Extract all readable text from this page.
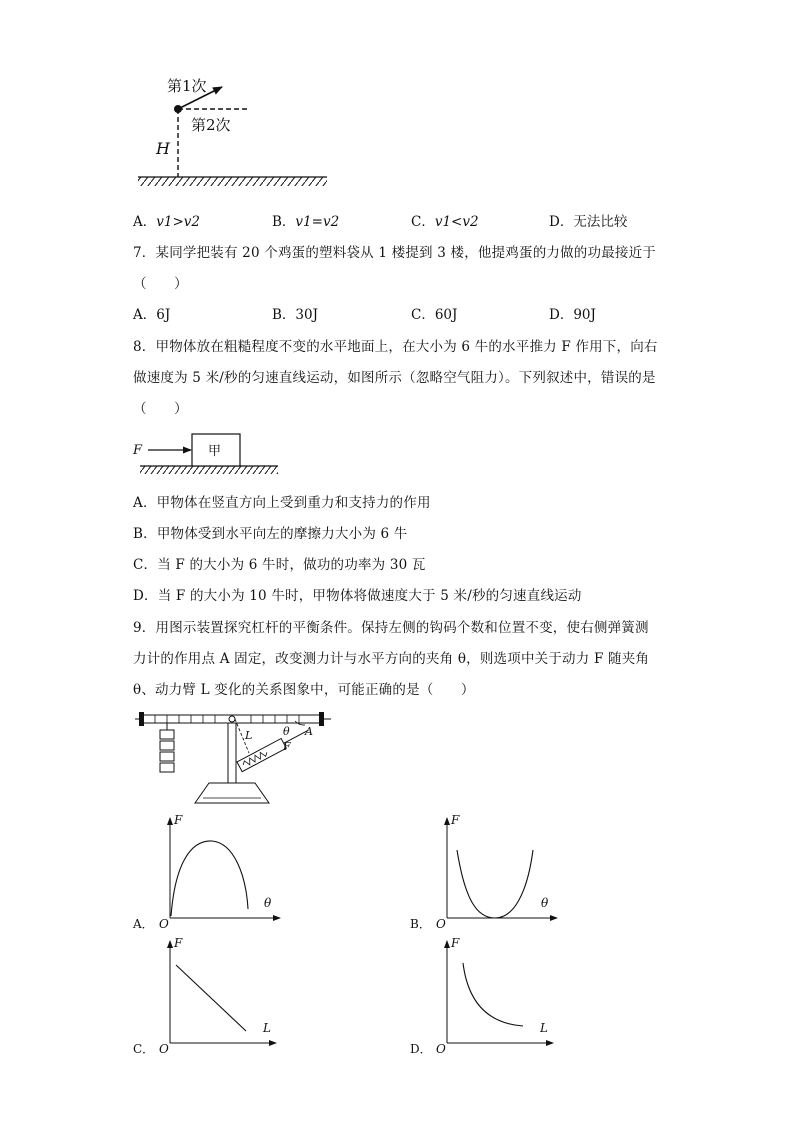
第1次
第2次
H
A．v1>v2	B．v1=v2	C．v1<v2	D．无法比较
7．某同学把装有 20 个鸡蛋的塑料袋从 1 楼提到 3 楼，他提鸡蛋的力做的功最接近于
（　　）
A．6J	B．30J	C．60J	D．90J
8．甲物体放在粗糙程度不变的水平地面上，在大小为 6 牛的水平推力 F 作用下，向右
做速度为 5 米/秒的匀速直线运动，如图所示（忽略空气阻力）。下列叙述中，错误的是
（　　）
甲
F
A．甲物体在竖直方向上受到重力和支持力的作用
B．甲物体受到水平向左的摩擦力大小为 6 牛
C．当 F 的大小为 6 牛时，做功的功率为 30 瓦
D．当 F 的大小为 10 牛时，甲物体将做速度大于 5 米/秒的匀速直线运动
9．用图示装置探究杠杆的平衡条件。保持左侧的钩码个数和位置不变，使右侧弹簧测
力计的作用点 A 固定，改变测力计与水平方向的夹角 θ，则选项中关于动力 F 随夹角
θ、动力臂 L 变化的关系图象中，可能正确的是（　　）
L	θ A
F
F
θ
O
A．
F
θ
O
B．
F
L
O
C．
F
L
O
D．
